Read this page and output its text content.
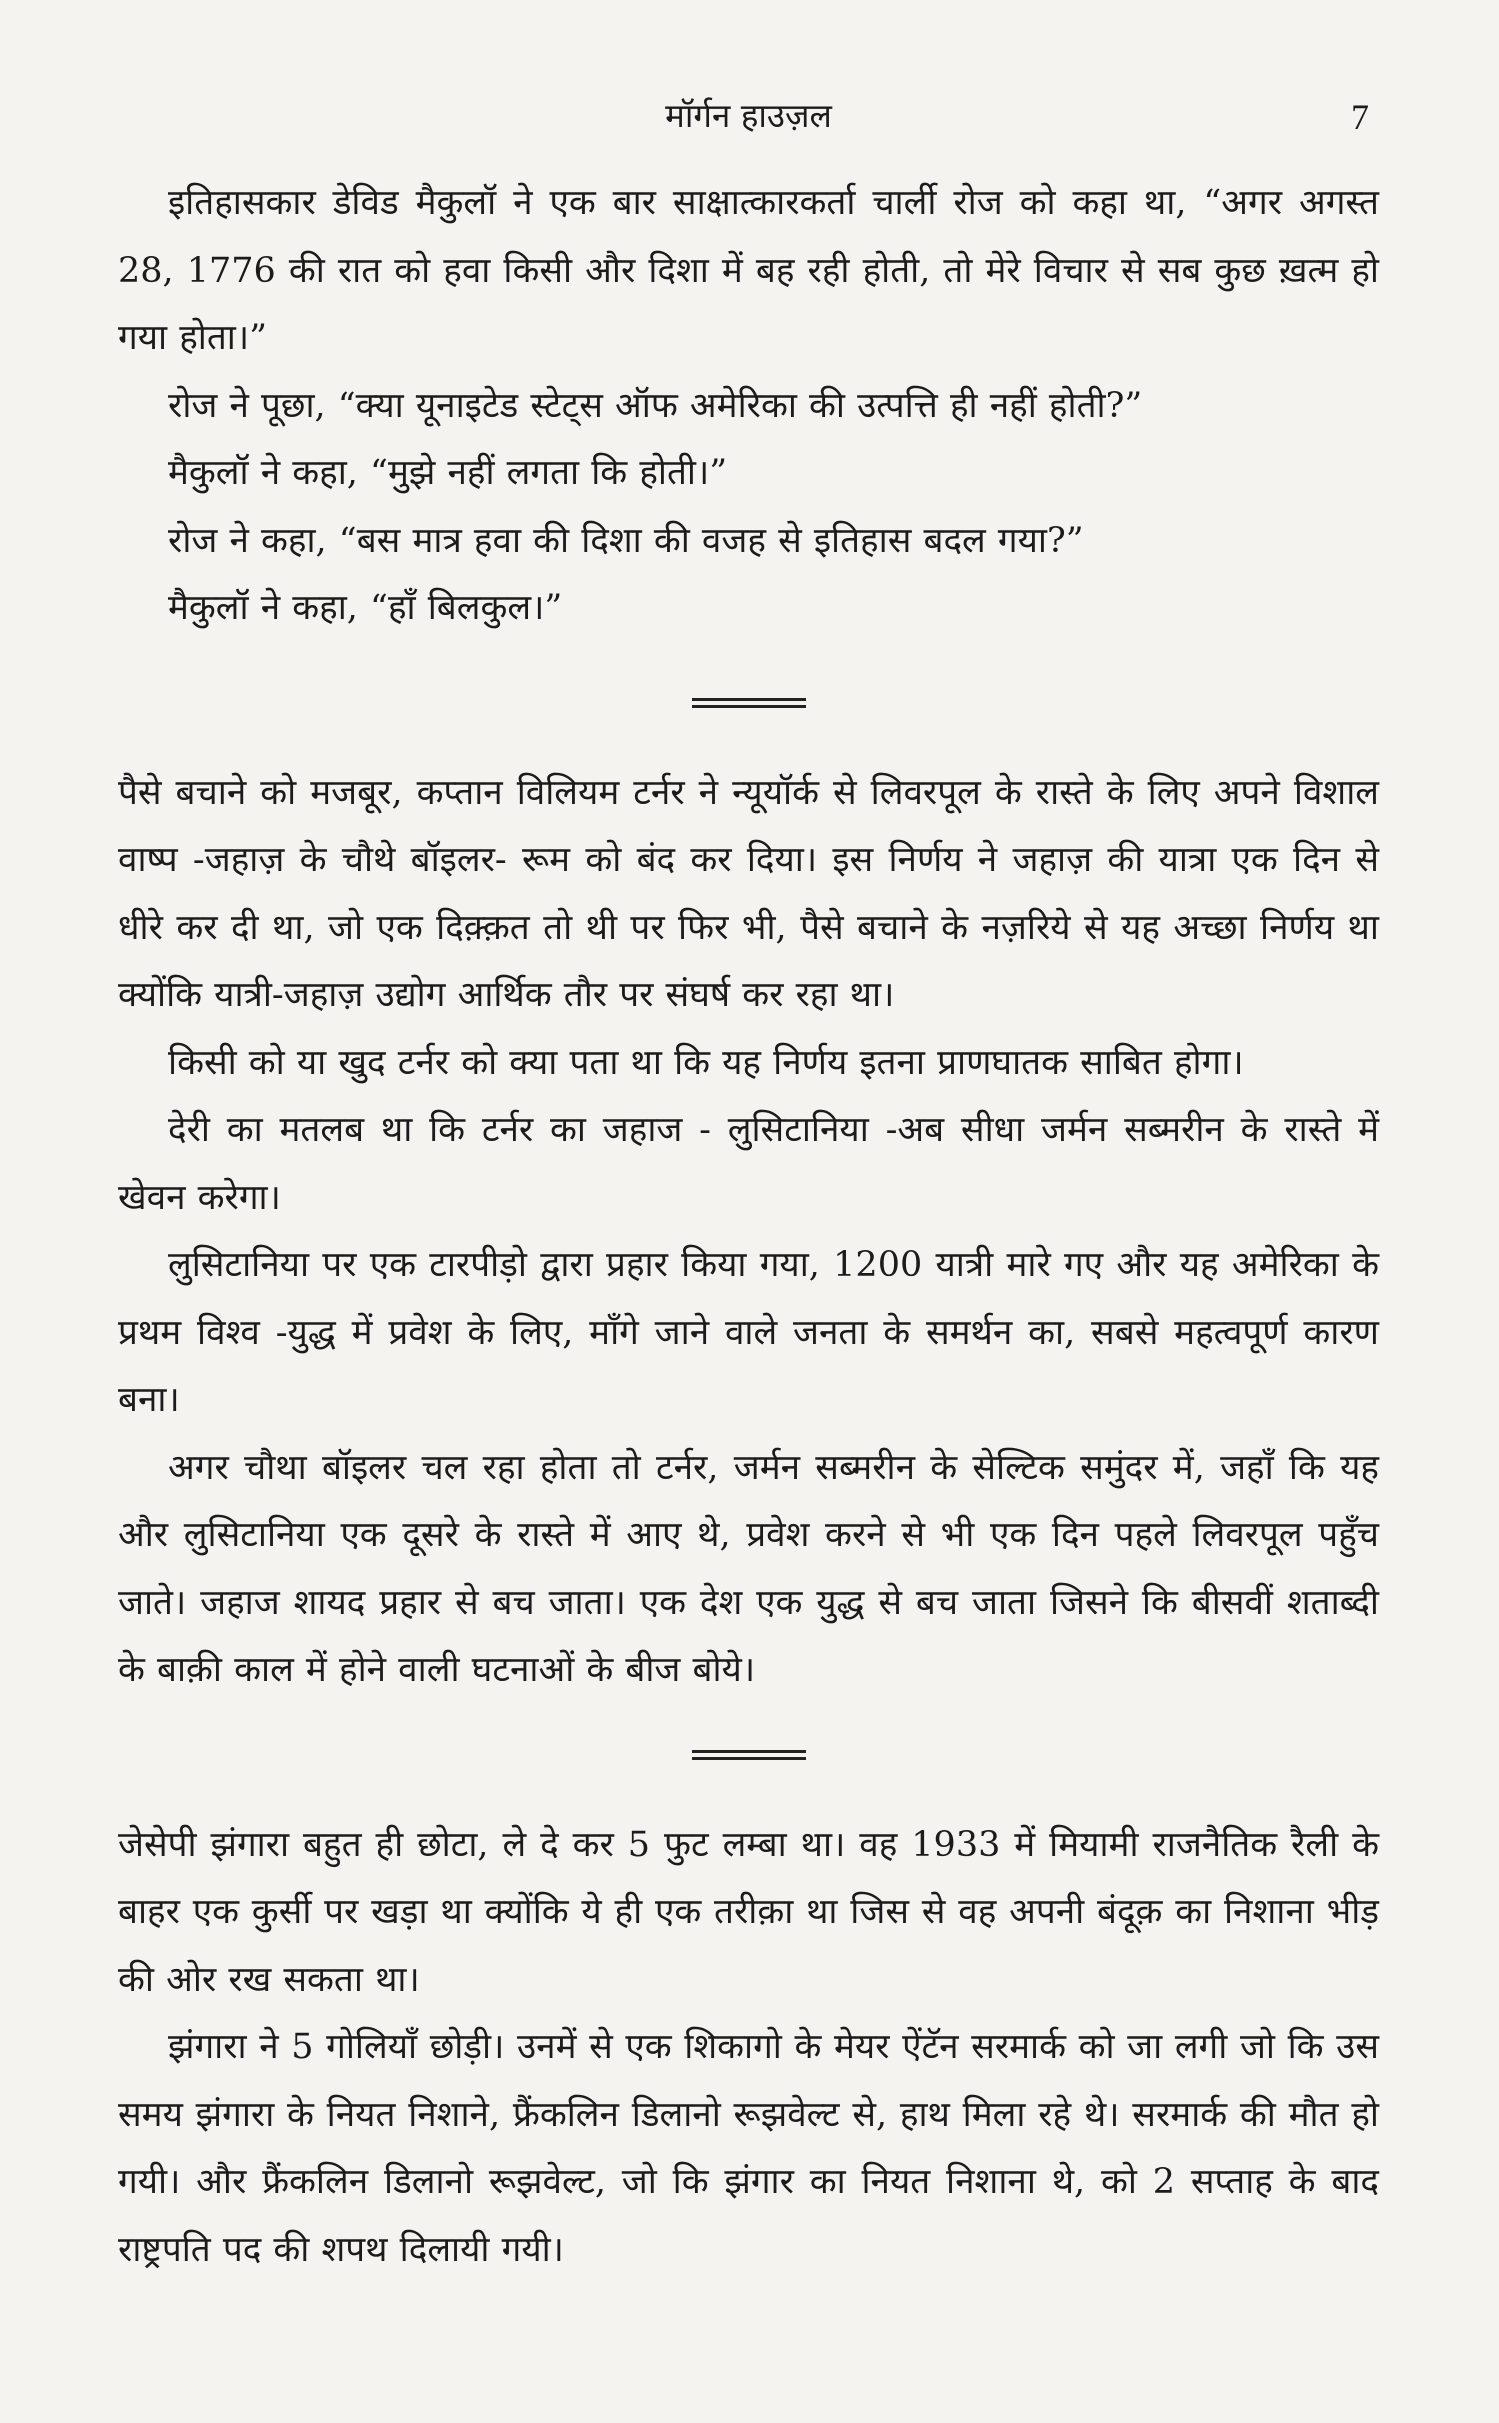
मॉर्गन हाउज़ल	7

इतिहासकार डेविड मैकुलॉ ने एक बार साक्षात्कारकर्ता चार्ली रोज को कहा था, “अगर अगस्त 28, 1776 की रात को हवा किसी और दिशा में बह रही होती, तो मेरे विचार से सब कुछ ख़त्म हो गया होता।”

रोज ने पूछा, “क्या यूनाइटेड स्टेट्स ऑफ अमेरिका की उत्पत्ति ही नहीं होती?”

मैकुलॉ ने कहा, “मुझे नहीं लगता कि होती।”

रोज ने कहा, “बस मात्र हवा की दिशा की वजह से इतिहास बदल गया?”

मैकुलॉ ने कहा, “हाँ बिलकुल।”

पैसे बचाने को मजबूर, कप्तान विलियम टर्नर ने न्यूयॉर्क से लिवरपूल के रास्ते के लिए अपने विशाल वाष्प -जहाज़ के चौथे बॉइलर- रूम को बंद कर दिया। इस निर्णय ने जहाज़ की यात्रा एक दिन से धीरे कर दी था, जो एक दिक़्क़त तो थी पर फिर भी, पैसे बचाने के नज़रिये से यह अच्छा निर्णय था क्योंकि यात्री-जहाज़ उद्योग आर्थिक तौर पर संघर्ष कर रहा था।

किसी को या खुद टर्नर को क्या पता था कि यह निर्णय इतना प्राणघातक साबित होगा।

देरी का मतलब था कि टर्नर का जहाज - लुसिटानिया -अब सीधा जर्मन सब्मरीन के रास्ते में खेवन करेगा।

लुसिटानिया पर एक टारपीड़ो द्वारा प्रहार किया गया, 1200 यात्री मारे गए और यह अमेरिका के प्रथम विश्व -युद्ध में प्रवेश के लिए, माँगे जाने वाले जनता के समर्थन का, सबसे महत्वपूर्ण कारण बना।

अगर चौथा बॉइलर चल रहा होता तो टर्नर, जर्मन सब्मरीन के सेल्टिक समुंदर में, जहाँ कि यह और लुसिटानिया एक दूसरे के रास्ते में आए थे, प्रवेश करने से भी एक दिन पहले लिवरपूल पहुँच जाते। जहाज शायद प्रहार से बच जाता। एक देश एक युद्ध से बच जाता जिसने कि बीसवीं शताब्दी के बाक़ी काल में होने वाली घटनाओं के बीज बोये।

जेसेपी झंगारा बहुत ही छोटा, ले दे कर 5 फुट लम्बा था। वह 1933 में मियामी राजनैतिक रैली के बाहर एक कुर्सी पर खड़ा था क्योंकि ये ही एक तरीक़ा था जिस से वह अपनी बंदूक़ का निशाना भीड़ की ओर रख सकता था।

झंगारा ने 5 गोलियाँ छोड़ी। उनमें से एक शिकागो के मेयर ऐंटॅन सरमार्क को जा लगी जो कि उस समय झंगारा के नियत निशाने, फ्रैंकलिन डिलानो रूझवेल्ट से, हाथ मिला रहे थे। सरमार्क की मौत हो गयी। और फ्रैंकलिन डिलानो रूझवेल्ट, जो कि झंगार का नियत निशाना थे, को 2 सप्ताह के बाद राष्ट्रपति पद की शपथ दिलायी गयी।
